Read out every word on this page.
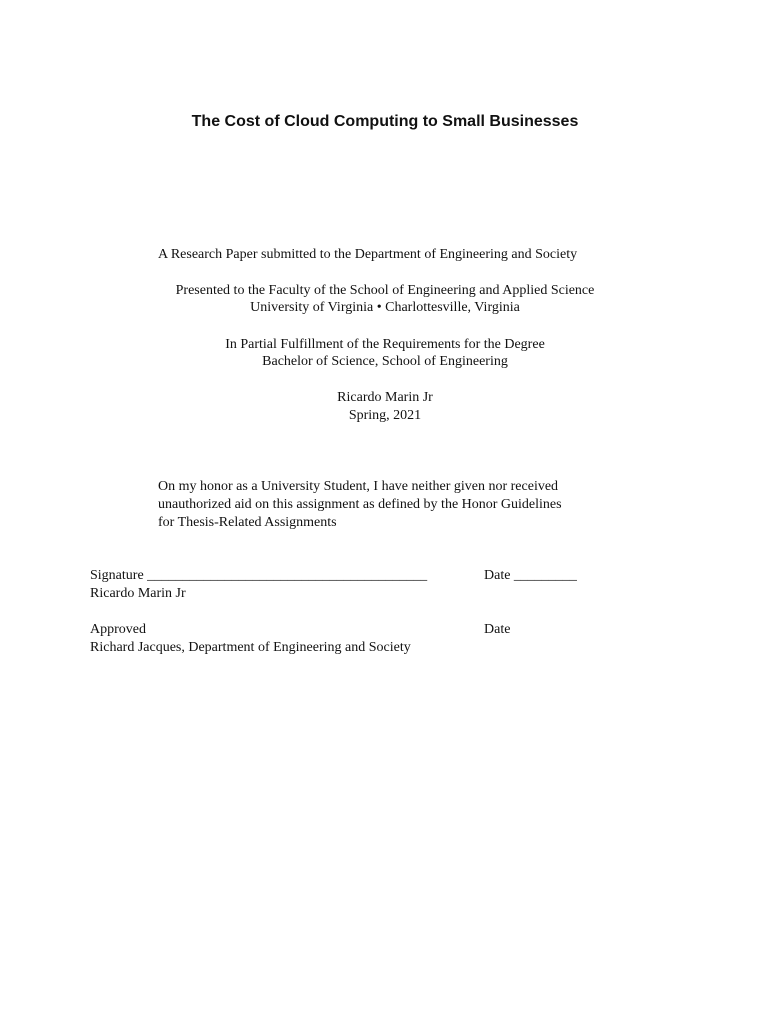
The Cost of Cloud Computing to Small Businesses
A Research Paper submitted to the Department of Engineering and Society
Presented to the Faculty of the School of Engineering and Applied Science
University of Virginia • Charlottesville, Virginia
In Partial Fulfillment of the Requirements for the Degree
Bachelor of Science, School of Engineering
Ricardo Marin Jr
Spring, 2021
On my honor as a University Student, I have neither given nor received
unauthorized aid on this assignment as defined by the Honor Guidelines
for Thesis-Related Assignments
Signature ________________________________________	Date _________
Ricardo Marin Jr
Approved	Date
Richard Jacques, Department of Engineering and Society
